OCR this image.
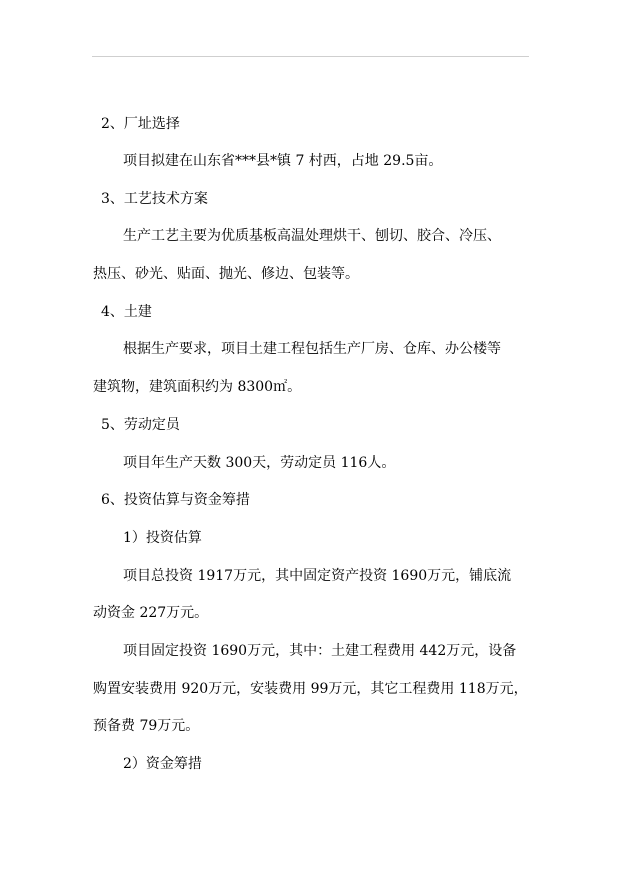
2、厂址选择
项目拟建在山东省***县*镇 7 村西，占地 29.5亩。
3、工艺技术方案
生产工艺主要为优质基板高温处理烘干、刨切、胶合、冷压、
热压、砂光、贴面、抛光、修边、包装等。
4、土建
根据生产要求，项目土建工程包括生产厂房、仓库、办公楼等
建筑物，建筑面积约为 8300㎡。
5、劳动定员
项目年生产天数 300天，劳动定员 116人。
6、投资估算与资金筹措
1）投资估算
项目总投资 1917万元，其中固定资产投资 1690万元，铺底流
动资金 227万元。
项目固定投资 1690万元，其中：土建工程费用 442万元，设备
购置安装费用 920万元，安装费用 99万元，其它工程费用 118万元，
预备费 79万元。
2）资金筹措
